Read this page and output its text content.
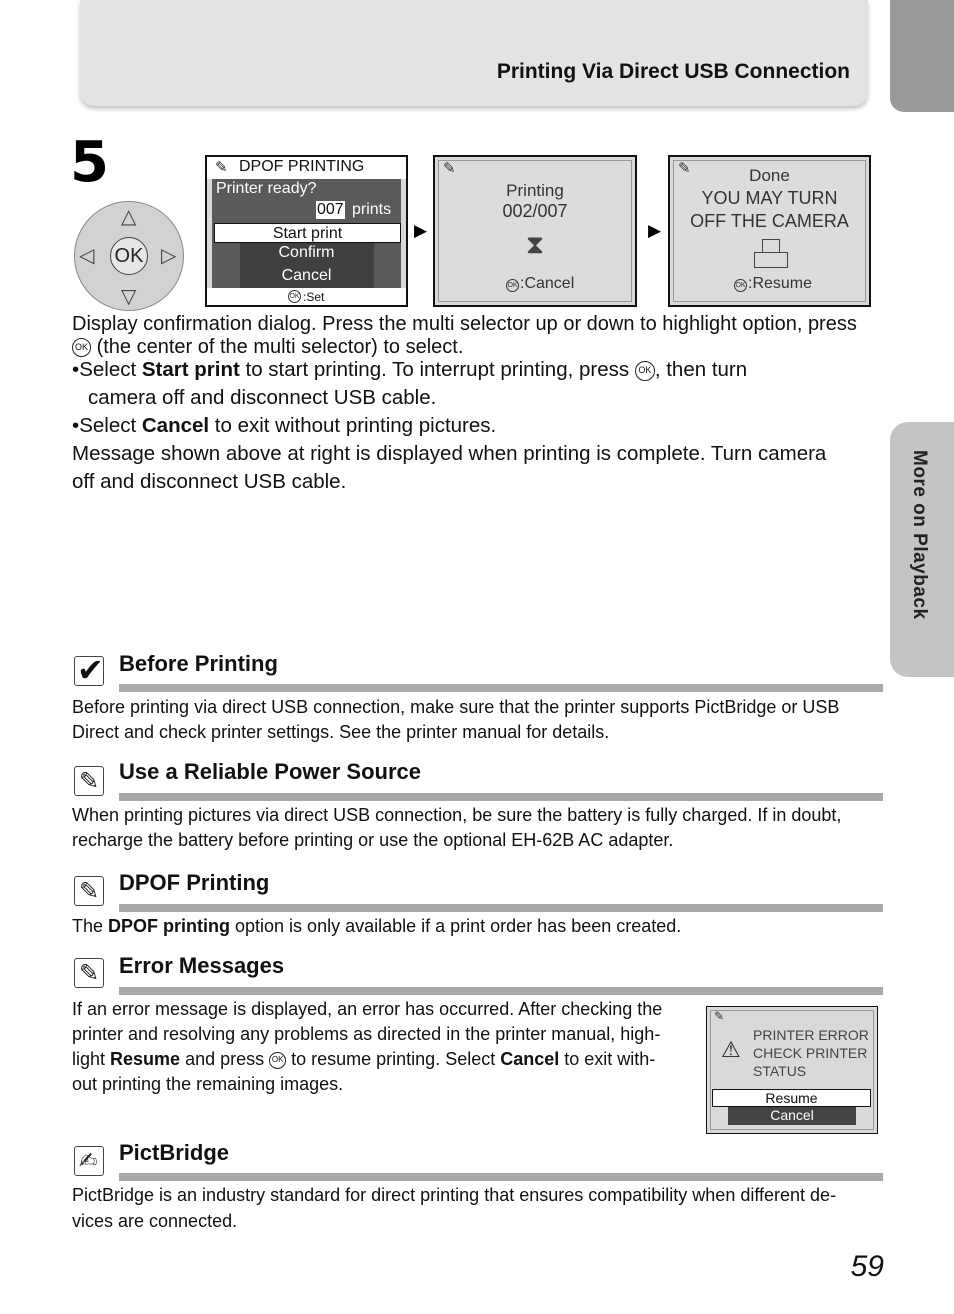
Printing Via Direct USB Connection
More on Playback
5
△
▽
◁	▷
OK
✎ DPOF PRINTING
Printer ready?
007 prints
Start print
Confirm
Cancel
OK :Set
▶
✎
Printing
002/007
⧗
OK :Cancel
▶
✎	Done
YOU MAY TURN
OFF THE CAMERA
OK :Resume
Display confirmation dialog. Press the multi selector up or down to highlight option, press
OK (the center of the multi selector) to select.
•Select Start print to start printing. To interrupt printing, press OK , then turn
camera off and disconnect USB cable.
•Select Cancel to exit without printing pictures.
Message shown above at right is displayed when printing is complete. Turn camera
off and disconnect USB cable.
✔ Before Printing
Before printing via direct USB connection, make sure that the printer supports PictBridge or USB
Direct and check printer settings. See the printer manual for details.
✎ Use a Reliable Power Source
When printing pictures via direct USB connection, be sure the battery is fully charged. If in doubt,
recharge the battery before printing or use the optional EH-62B AC adapter.
✎ DPOF Printing
The DPOF printing option is only available if a print order has been created.
✎ Error Messages
If an error message is displayed, an error has occurred. After checking the
printer and resolving any problems as directed in the printer manual, high-
light Resume and press OK to resume printing. Select Cancel to exit with-
out printing the remaining images.
✎
⚠
PRINTER ERROR
CHECK PRINTER
STATUS
Resume
Cancel
✍ PictBridge
PictBridge is an industry standard for direct printing that ensures compatibility when different de-
vices are connected.
59
